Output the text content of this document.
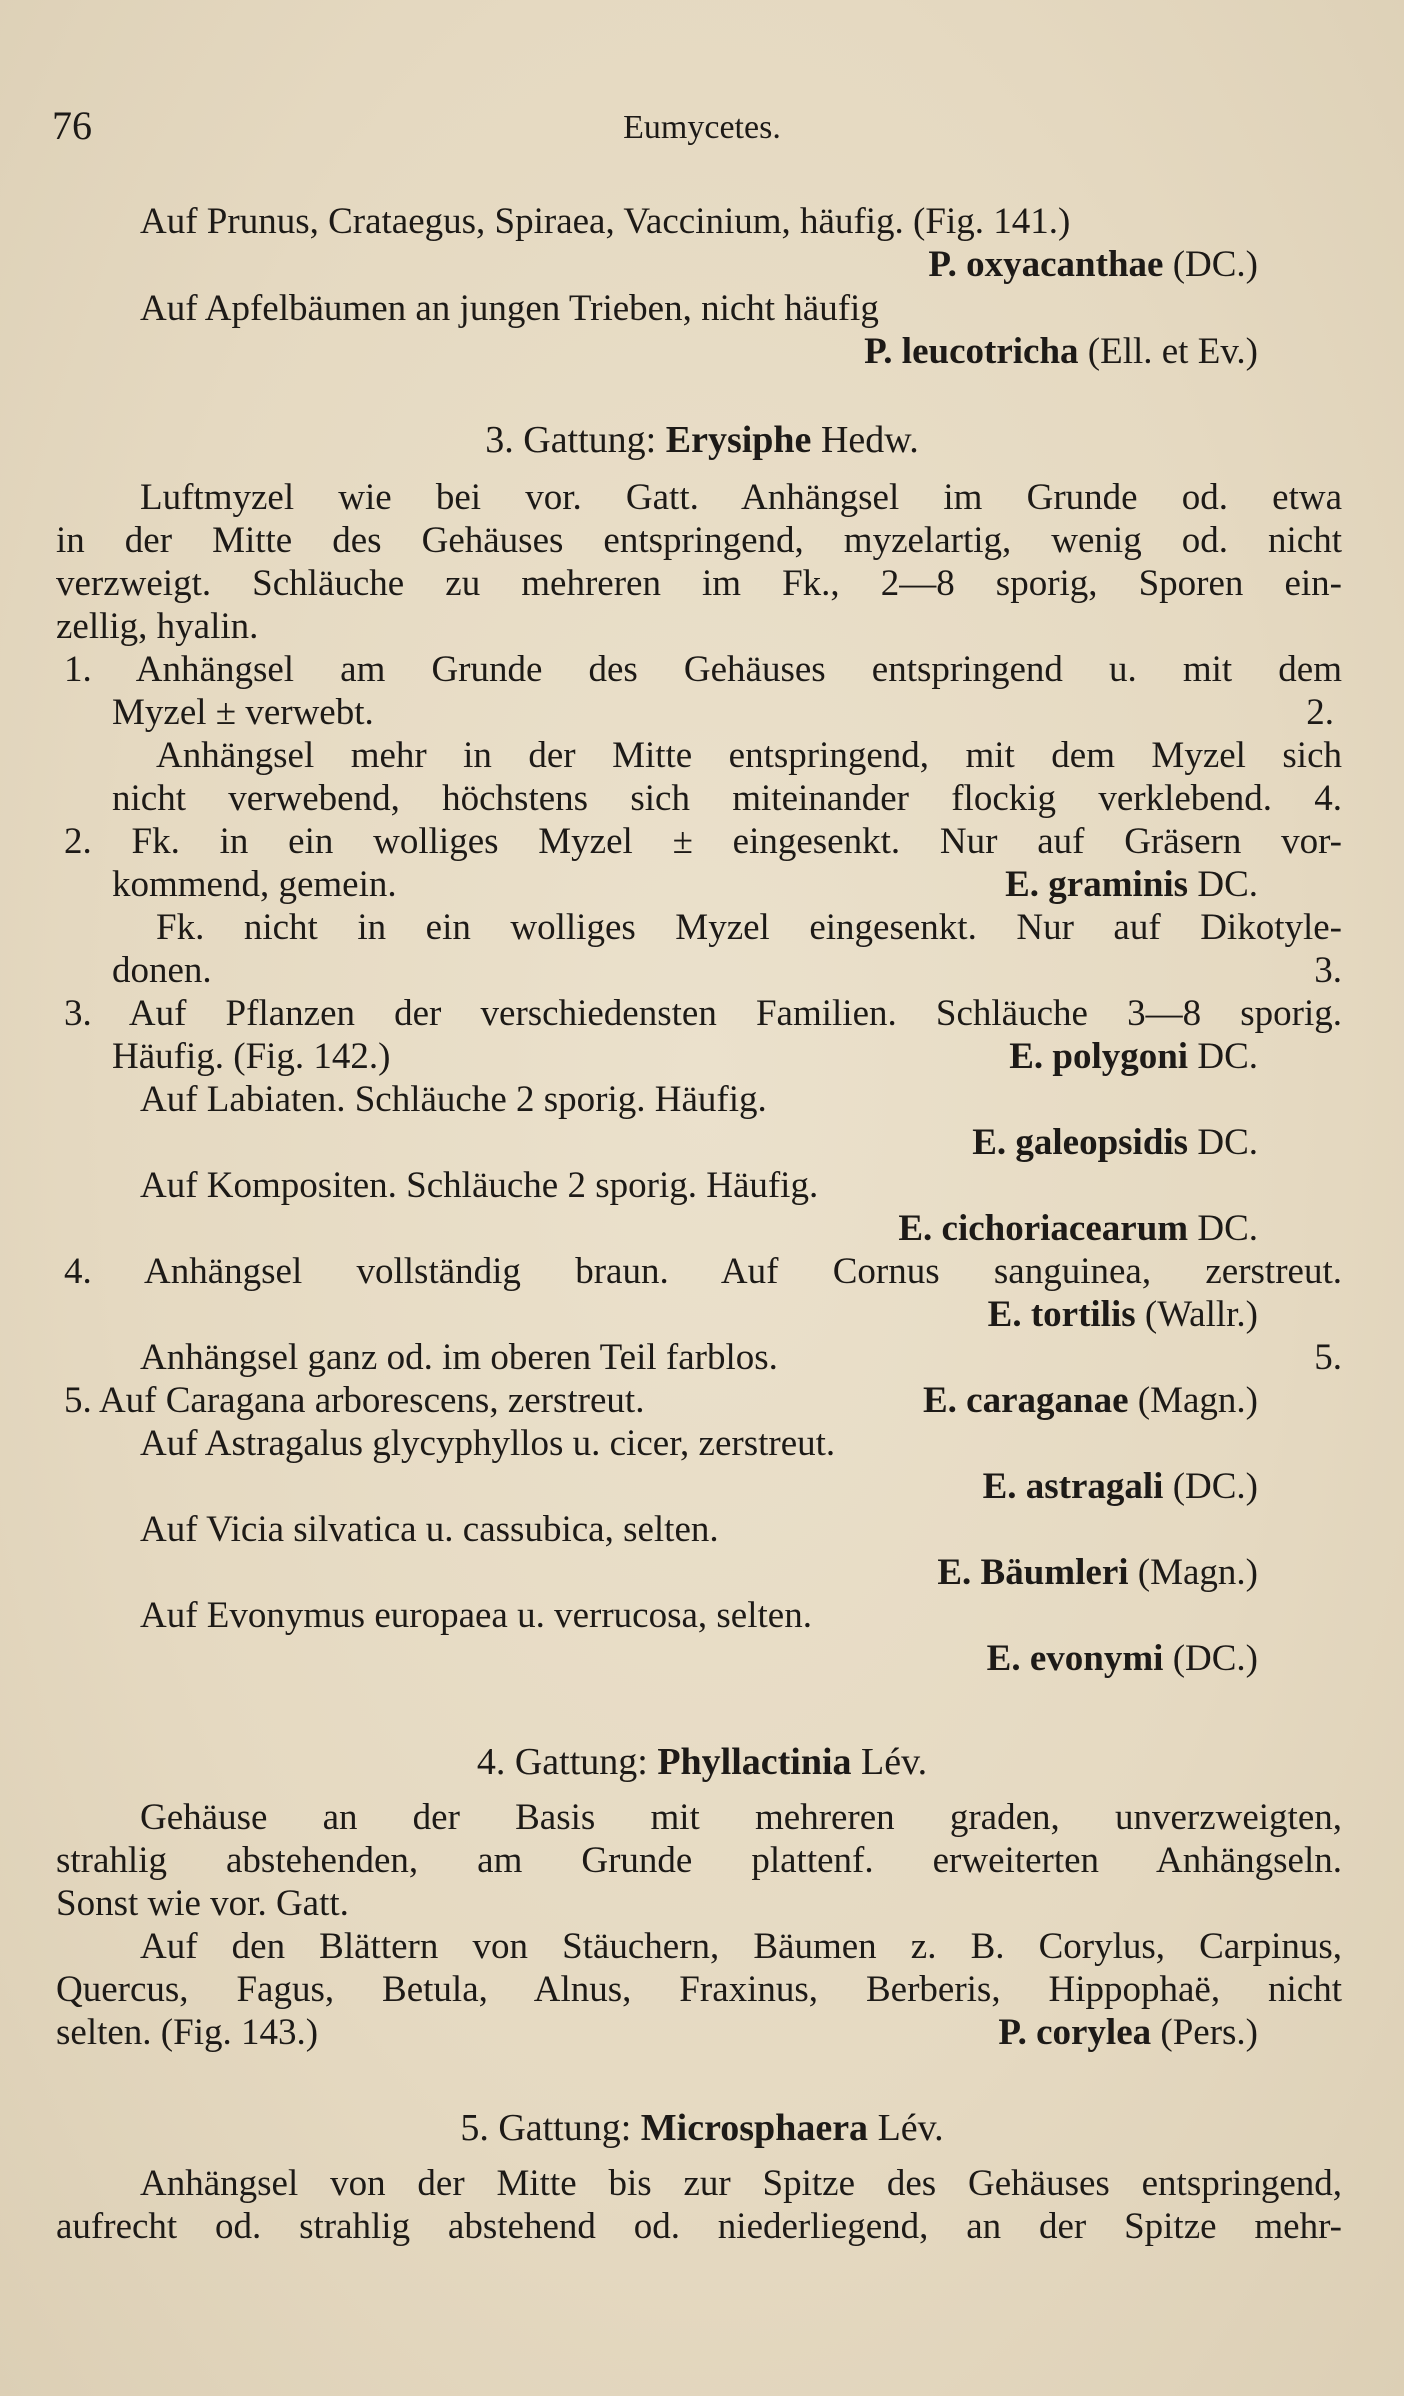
76	Eumycetes.
Auf Prunus, Crataegus, Spiraea, Vaccinium, häufig. (Fig. 141.)
P. oxyacanthae (DC.)
Auf Apfelbäumen an jungen Trieben, nicht häufig
P. leucotricha (Ell. et Ev.)
3. Gattung: Erysiphe Hedw.
Luftmyzel wie bei vor. Gatt. Anhängsel im Grunde od. etwa
in der Mitte des Gehäuses entspringend, myzelartig, wenig od. nicht
verzweigt. Schläuche zu mehreren im Fk., 2—8 sporig, Sporen ein-
zellig, hyalin.
1. Anhängsel am Grunde des Gehäuses entspringend u. mit dem
Myzel ± verwebt.	2.
Anhängsel mehr in der Mitte entspringend, mit dem Myzel sich
nicht verwebend, höchstens sich miteinander flockig verklebend. 4.
2. Fk. in ein wolliges Myzel ± eingesenkt. Nur auf Gräsern vor-
kommend, gemein.	E. graminis DC.
Fk. nicht in ein wolliges Myzel eingesenkt. Nur auf Dikotyle-
donen.	3.
3. Auf Pflanzen der verschiedensten Familien. Schläuche 3—8 sporig.
Häufig. (Fig. 142.)	E. polygoni DC.
Auf Labiaten. Schläuche 2 sporig. Häufig.
E. galeopsidis DC.
Auf Kompositen. Schläuche 2 sporig. Häufig.
E. cichoriacearum DC.
4. Anhängsel vollständig braun. Auf Cornus sanguinea, zerstreut.
E. tortilis (Wallr.)
Anhängsel ganz od. im oberen Teil farblos.	5.
5. Auf Caragana arborescens, zerstreut.	E. caraganae (Magn.)
Auf Astragalus glycyphyllos u. cicer, zerstreut.
E. astragali (DC.)
Auf Vicia silvatica u. cassubica, selten.
E. Bäumleri (Magn.)
Auf Evonymus europaea u. verrucosa, selten.
E. evonymi (DC.)
4. Gattung: Phyllactinia Lév.
Gehäuse an der Basis mit mehreren graden, unverzweigten,
strahlig abstehenden, am Grunde plattenf. erweiterten Anhängseln.
Sonst wie vor. Gatt.
Auf den Blättern von Stäuchern, Bäumen z. B. Corylus, Carpinus,
Quercus, Fagus, Betula, Alnus, Fraxinus, Berberis, Hippophaë, nicht
selten. (Fig. 143.)	P. corylea (Pers.)
5. Gattung: Microsphaera Lév.
Anhängsel von der Mitte bis zur Spitze des Gehäuses entspringend,
aufrecht od. strahlig abstehend od. niederliegend, an der Spitze mehr-
